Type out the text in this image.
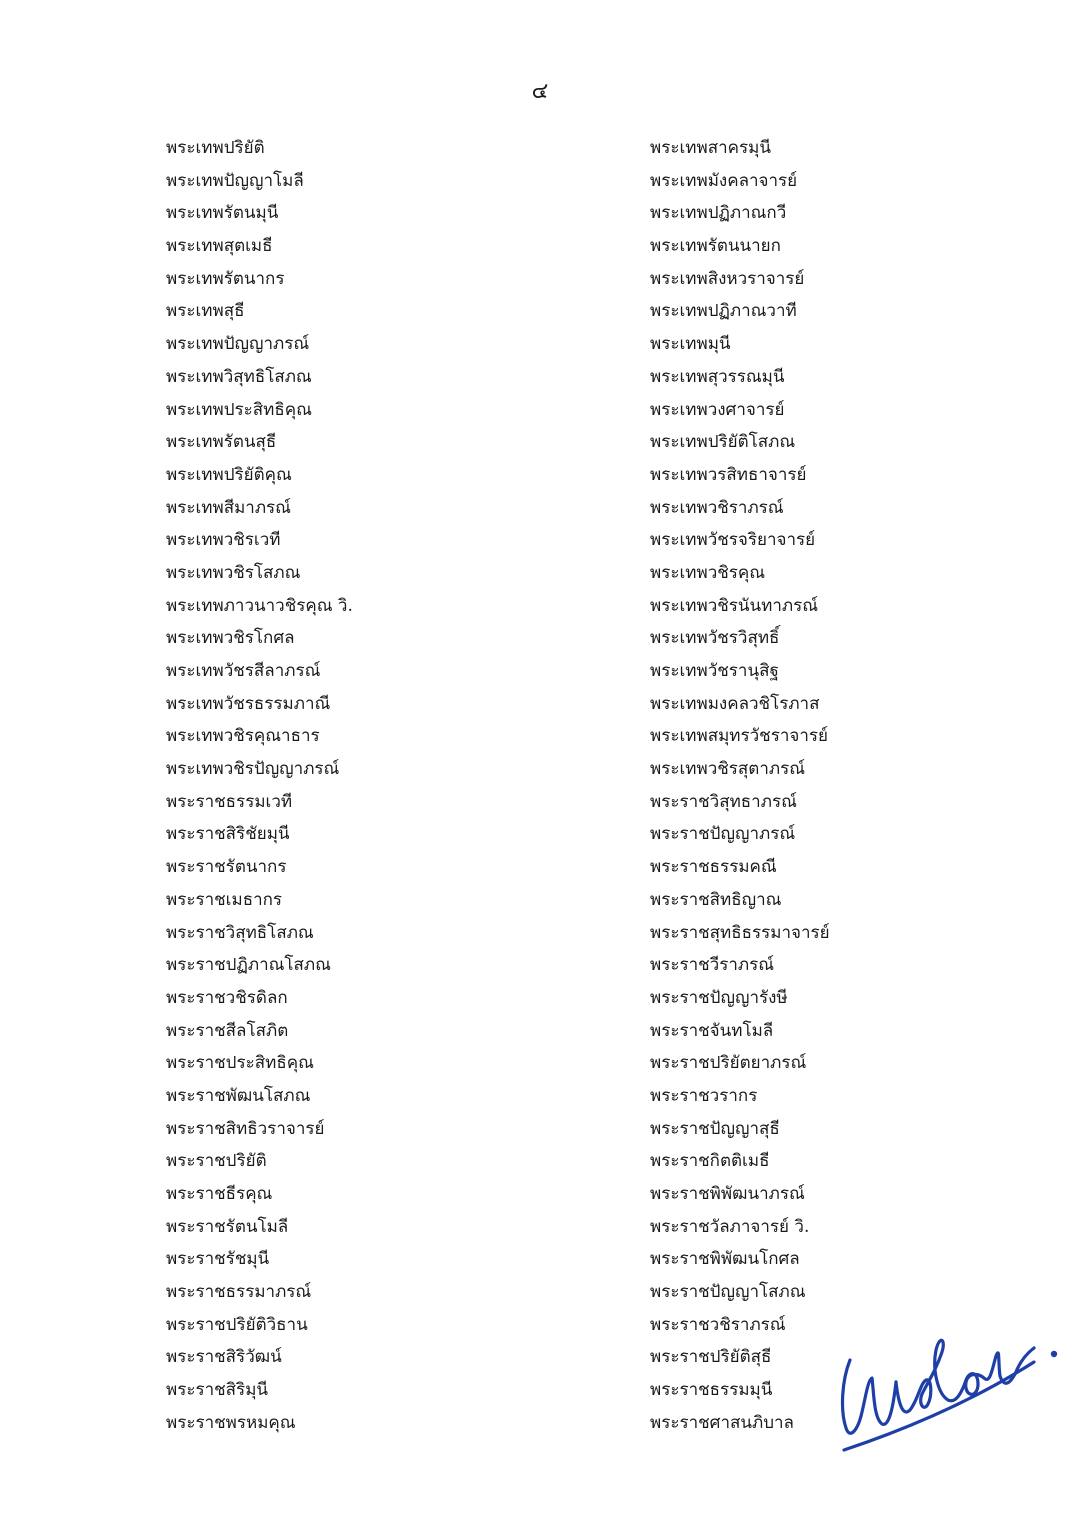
๔
พระเทพปริยัติ
พระเทพปัญญาโมลี
พระเทพรัตนมุนี
พระเทพสุตเมธี
พระเทพรัตนากร
พระเทพสุธี
พระเทพปัญญาภรณ์
พระเทพวิสุทธิโสภณ
พระเทพประสิทธิคุณ
พระเทพรัตนสุธี
พระเทพปริยัติคุณ
พระเทพสีมาภรณ์
พระเทพวชิรเวที
พระเทพวชิรโสภณ
พระเทพภาวนาวชิรคุณ วิ.
พระเทพวชิรโกศล
พระเทพวัชรสีลาภรณ์
พระเทพวัชรธรรมภาณี
พระเทพวชิรคุณาธาร
พระเทพวชิรปัญญาภรณ์
พระราชธรรมเวที
พระราชสิริชัยมุนี
พระราชรัตนากร
พระราชเมธากร
พระราชวิสุทธิโสภณ
พระราชปฏิภาณโสภณ
พระราชวชิรดิลก
พระราชสีลโสภิต
พระราชประสิทธิคุณ
พระราชพัฒนโสภณ
พระราชสิทธิวราจารย์
พระราชปริยัติ
พระราชธีรคุณ
พระราชรัตนโมลี
พระราชรัชมุนี
พระราชธรรมาภรณ์
พระราชปริยัติวิธาน
พระราชสิริวัฒน์
พระราชสิริมุนี
พระราชพรหมคุณ
พระเทพสาครมุนี
พระเทพมังคลาจารย์
พระเทพปฏิภาณกวี
พระเทพรัตนนายก
พระเทพสิงหวราจารย์
พระเทพปฏิภาณวาที
พระเทพมุนี
พระเทพสุวรรณมุนี
พระเทพวงศาจารย์
พระเทพปริยัติโสภณ
พระเทพวรสิทธาจารย์
พระเทพวชิราภรณ์
พระเทพวัชรจริยาจารย์
พระเทพวชิรคุณ
พระเทพวชิรนันทาภรณ์
พระเทพวัชรวิสุทธิ์
พระเทพวัชรานุสิฐ
พระเทพมงคลวชิโรภาส
พระเทพสมุทรวัชราจารย์
พระเทพวชิรสุตาภรณ์
พระราชวิสุทธาภรณ์
พระราชปัญญาภรณ์
พระราชธรรมคณี
พระราชสิทธิญาณ
พระราชสุทธิธรรมาจารย์
พระราชวีราภรณ์
พระราชปัญญารังษี
พระราชจันทโมลี
พระราชปริยัตยาภรณ์
พระราชวรากร
พระราชปัญญาสุธี
พระราชกิตติเมธี
พระราชพิพัฒนาภรณ์
พระราชวัลภาจารย์ วิ.
พระราชพิพัฒนโกศล
พระราชปัญญาโสภณ
พระราชวชิราภรณ์
พระราชปริยัติสุธี
พระราชธรรมมุนี
พระราชศาสนภิบาล
